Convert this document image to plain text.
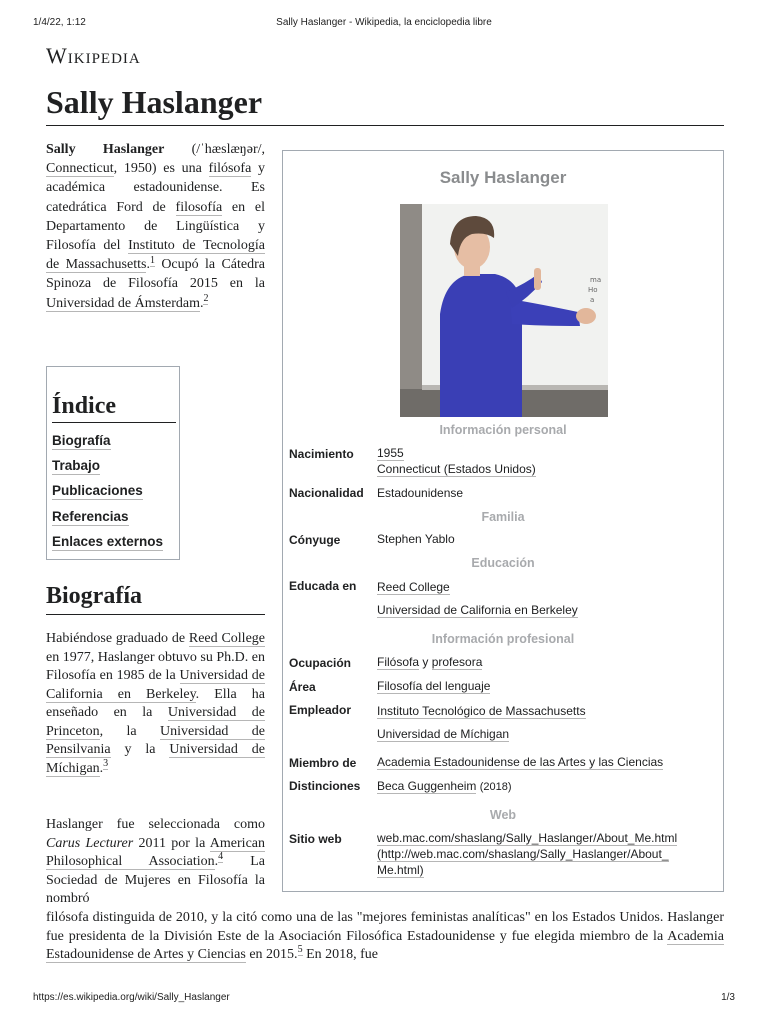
1/4/22, 1:12	Sally Haslanger - Wikipedia, la enciclopedia libre
Wikipedia
Sally Haslanger
Sally Haslanger (/ˈhæslæŋər/, Connecticut, 1950) es una filósofa y académica estadounidense. Es catedrática Ford de filosofía en el Departamento de Lingüística y Filosofía del Instituto de Tecnología de Massachusetts.$^1$ Ocupó la Cátedra Spinoza de Filosofía 2015 en la Universidad de Ámsterdam.$^2$
Índice
Biografía
Trabajo
Publicaciones
Referencias
Enlaces externos
Biografía
Habiéndose graduado de Reed College en 1977, Haslanger obtuvo su Ph.D. en Filosofía en 1985 de la Universidad de California en Berkeley. Ella ha enseñado en la Universidad de Princeton, la Universidad de Pensilvania y la Universidad de Míchigan.$^3$
Haslanger fue seleccionada como Carus Lecturer 2011 por la American Philosophical Association.$^4$ La Sociedad de Mujeres en Filosofía la nombró
filósofa distinguida de 2010, y la citó como una de las "mejores feministas analíticas" en los Estados Unidos. Haslanger fue presidenta de la División Este de la Asociación Filosófica Estadounidense y fue elegida miembro de la Academia Estadounidense de Artes y Ciencias en 2015.$^5$ En 2018, fue
Sally Haslanger
ma
Ho
a
Información personal
Nacimiento 1955
Connecticut (Estados Unidos)
Nacionalidad Estadounidense
Familia
Cónyuge	Stephen Yablo
Educación
Educada en Reed College

Universidad de California en Berkeley
Información profesional
Ocupación Filósofa y profesora
Área	Filosofía del lenguaje
Empleador Instituto Tecnológico de Massachusetts

Universidad de Míchigan
Miembro de Academia Estadounidense de las Artes y las Ciencias
Distinciones Beca Guggenheim (2018)
Web
Sitio web	web.mac.com/shaslang/Sally_Haslanger/About_Me.html
(http://web.mac.com/shaslang/Sally_Haslanger/About_
Me.html)
https://es.wikipedia.org/wiki/Sally_Haslanger	1/3
